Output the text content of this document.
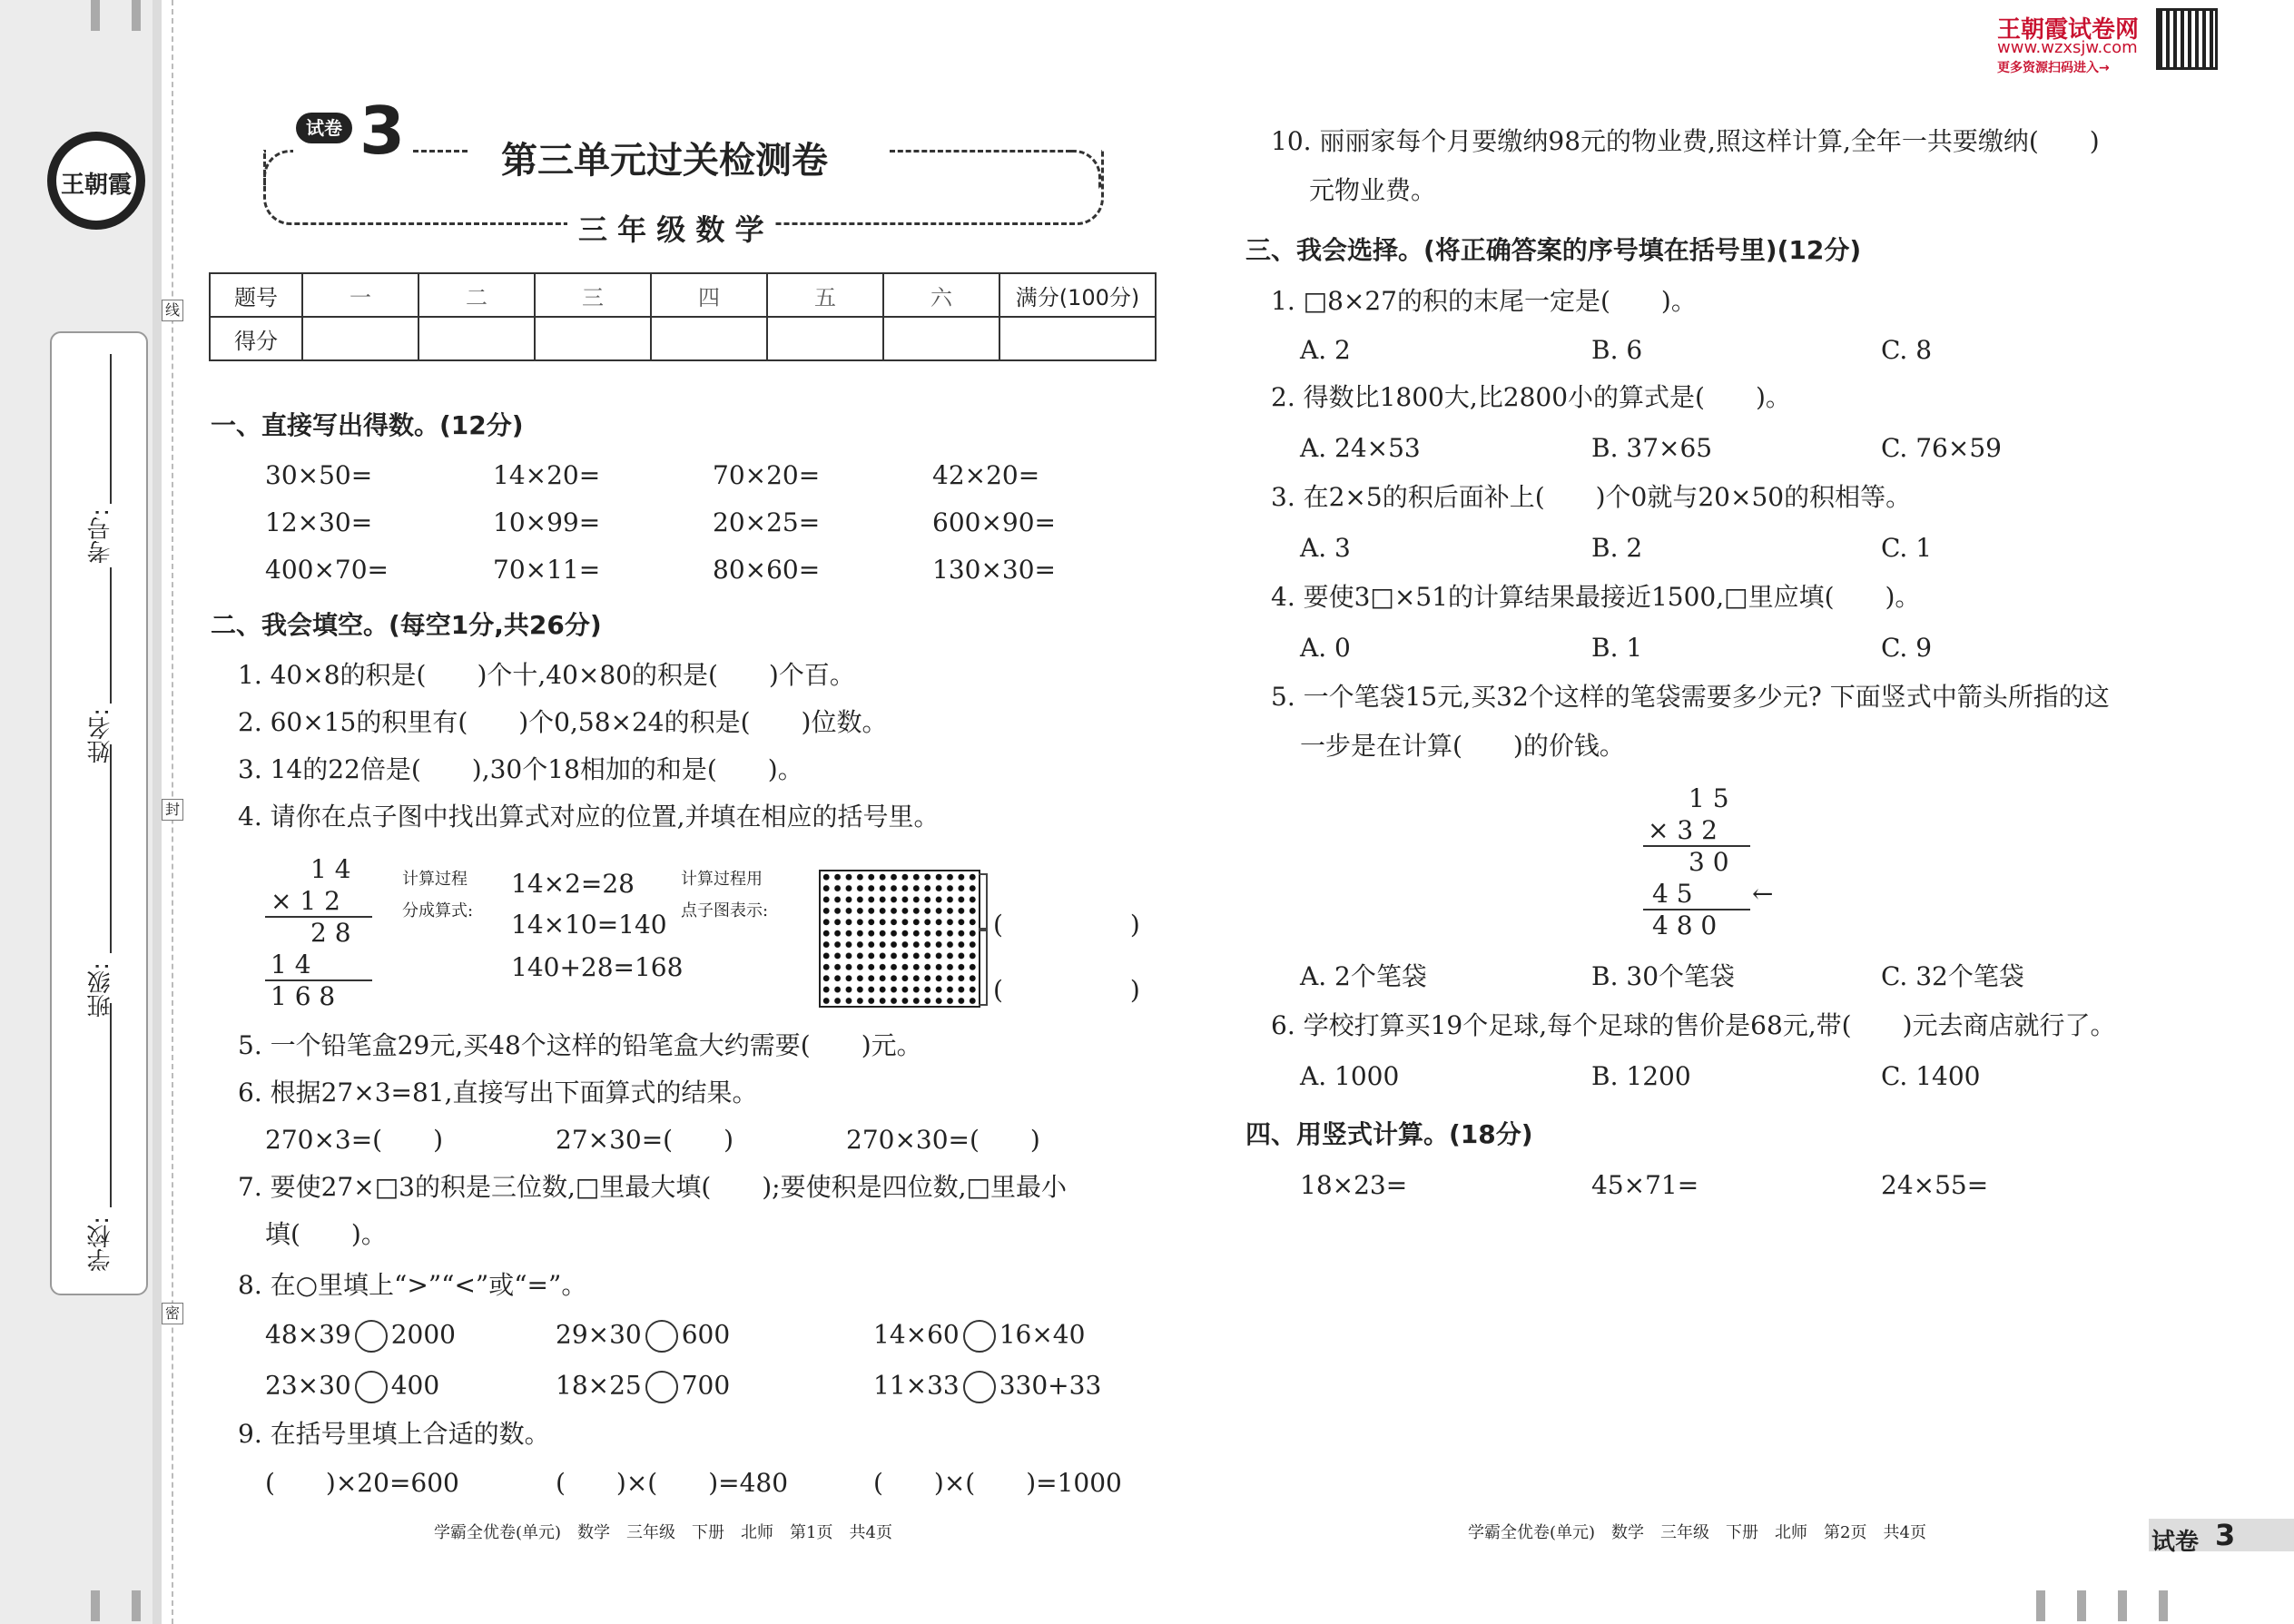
王朝霞
学校:
班级:
姓名:
考号:
线
封
密
王朝霞试卷网
www.wzxsjw.com
更多资源扫码进入→
试卷 3	第三单元过关检测卷
三 年 级 数 学
题号	一	二	三	四	五	六	满分(100分)
得分							
一、直接写出得数。(12分)
30×50=	14×20=	70×20=	42×20=
12×30=	10×99=	20×25=	600×90=
400×70=	70×11=	80×60=	130×30=
二、我会填空。(每空1分,共26分)
1. 40×8的积是(　　)个十,40×80的积是(　　)个百。
2. 60×15的积里有(　　)个0,58×24的积是(　　)位数。
3. 14的22倍是(　　),30个18相加的和是(　　)。
4. 请你在点子图中找出算式对应的位置,并填在相应的括号里。
1 4
× 1 2
2 8
1 4
1 6 8
计算过程
分成算式:
14×2=28
14×10=140
140+28=168
计算过程用
点子图表示:	(　　　　　)
(　　　　　)
5. 一个铅笔盒29元,买48个这样的铅笔盒大约需要(　　)元。
6. 根据27×3=81,直接写出下面算式的结果。
270×3=(　　)	27×30=(　　)	270×30=(　　)
7. 要使27×□3的积是三位数,□里最大填(　　);要使积是四位数,□里最小
填(　　)。
8. 在○里填上“>”“<”或“=”。
48×39 2000	29×30 600	14×60 16×40
23×30 400	18×25 700	11×33 330+33
9. 在括号里填上合适的数。
(　　)×20=600	(　　)×(　　)=480	(　　)×(　　)=1000
10. 丽丽家每个月要缴纳98元的物业费,照这样计算,全年一共要缴纳(　　)
元物业费。
三、我会选择。(将正确答案的序号填在括号里)(12分)
1. □8×27的积的末尾一定是(　　)。
A. 2	B. 6	C. 8
2. 得数比1800大,比2800小的算式是(　　)。
A. 24×53	B. 37×65	C. 76×59
3. 在2×5的积后面补上(　　)个0就与20×50的积相等。
A. 3	B. 2	C. 1
4. 要使3□×51的计算结果最接近1500,□里应填(　　)。
A. 0	B. 1	C. 9
5. 一个笔袋15元,买32个这样的笔袋需要多少元? 下面竖式中箭头所指的这
一步是在计算(　　)的价钱。
1 5
× 3 2
3 0
4 5 ←
4 8 0
A. 2个笔袋	B. 30个笔袋	C. 32个笔袋
6. 学校打算买19个足球,每个足球的售价是68元,带(　　)元去商店就行了。
A. 1000	B. 1200	C. 1400
四、用竖式计算。(18分)
18×23=	45×71=	24×55=
学霸全优卷(单元)　数学　三年级　下册　北师　第1页　共4页	学霸全优卷(单元)　数学　三年级　下册　北师　第2页　共4页	试卷 3
